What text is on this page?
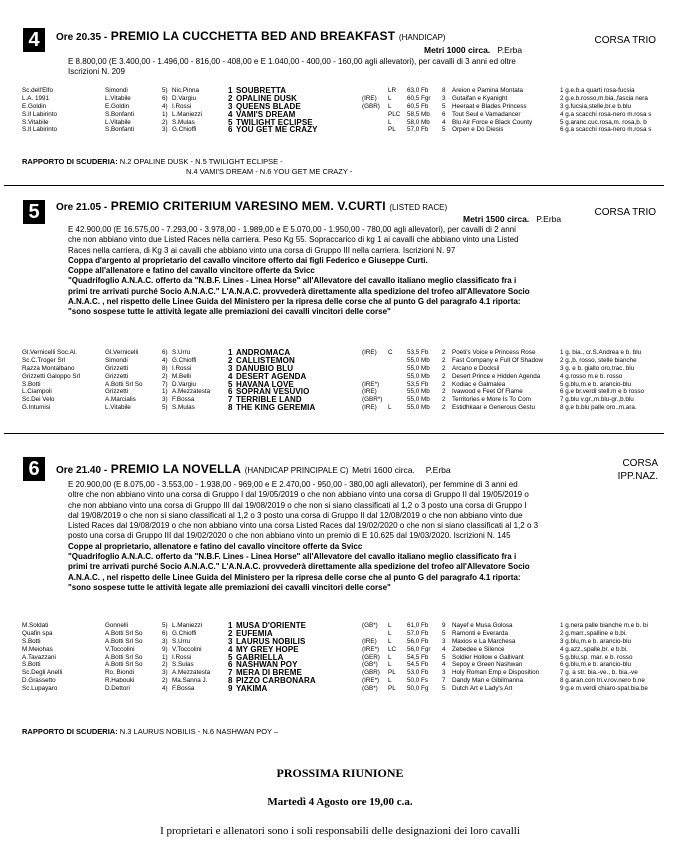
4	Ore 20.35 - PREMIO LA CUCCHETTA BED AND BREAKFAST (HANDICAP)	CORSA TRIO
Metri 1000 circa. P.Erba
E 8.800,00 (E 3.400,00 - 1.496,00 - 816,00 - 408,00 e E 1.040,00 - 400,00 - 160,00 agli allevatori), per cavalli di 3 anni ed oltre
Iscrizioni N. 209
Sc.dell'Elfo	Simondi	5) Nic.Pinna	1 SOUBRETTA	LR 63,0 Fb 8 Areion e Pamina Montata	1 g.e.b.a quarti rosa-fucsia
L.A. 1991	L.Vitabile	6) D.Vargiu	2 OPALINE DUSK	(IRE) L 60,5 Fgr 3 Gutaifan e Kyanight	2 g.e.b.rosso,m.bia.,fascia nera
E.Goldin	E.Goldin	4) I.Rossi	3 QUEENS BLADE	(GBR) L 60,5 Fb 5 Heeraat e Blades Princess	3 g.fucsia,stelle,br.e b.blu
S.Il Labirinto	S.Bonfanti	1) L.Maniezzi	4 VAMI'S DREAM	PLC 58,5 Mb 6 Tout Seul e Vamadancer	4 g.a scacchi rosa-nero m.rosa s
S.Vitabile	L.Vitabile	2) S.Mulas	5 TWILIGHT ECLIPSE	L 58,0 Mb 4 Blu Air Force e Black County	5 g.aranc.cuc.rosa,m. rosa,b. b
S.Il Labirinto	S.Bonfanti	3) G.Chioffi	6 YOU GET ME CRAZY	PL 57,0 Fb 5 Orpen e Do Diesis	6 g.a scacchi rosa-nero m.rosa s
RAPPORTO DI SCUDERIA: N.2 OPALINE DUSK - N.5 TWILIGHT ECLIPSE -
N.4 VAMI'S DREAM - N.6 YOU GET ME CRAZY -
5	Ore 21.05 - PREMIO CRITERIUM VARESINO MEM. V.CURTI (LISTED RACE)	CORSA TRIO
Metri 1500 circa. P.Erba
E 42.900,00 (E 16.575,00 - 7.293,00 - 3.978,00 - 1.989,00 e E 5.070,00 - 1.950,00 - 780,00 agli allevatori), per cavalli di 2 anni
che non abbiano vinto due Listed Races nella carriera. Peso Kg 55. Sopraccarico di kg 1 ai cavalli che abbiano vinto una Listed
Races nella carriera, di Kg 3 ai cavalli che abbiano vinto una corsa di Gruppo III nella carriera. Iscrizioni N. 97
Coppa d'argento al proprietario del cavallo vincitore offerto dai figli Federico e Giuseppe Curti.
Coppe all'allenatore e fatino del cavallo vincitore offerte da Svicc
"Quadrifoglio A.N.A.C. offerto da "N.B.F. Lines - Linea Horse" all'Allevatore del cavallo italiano meglio classificato fra i
primi tre arrivati purché Socio A.N.A.C." L'A.N.A.C. provvederà direttamente alla spedizione del trofeo all'Allevatore Socio
A.N.A.C. , nel rispetto delle Linee Guida del Ministero per la ripresa delle corse che al punto G del paragrafo 4.1 riporta:
"sono sospese tutte le attività legate alle premiazioni dei cavalli vincitori delle corse"
Gl.Vernicelli Soc.Al.	Gl.Vernicelli	6) S.Urru	1 ANDROMACA	(IRE) C 53,5 Fb 2 Poeti's Voice e Princess Rose	1 g. bia., cr.S.Andrea e b. blu
Sc.C.Troger Srl	Simondi	4) G.Chioffi	2 CALLISTEMON	55,0 Mb 2 Fast Company e Full Of Shadow	2 g.,b. rosso, stelle bianche
Razza Montalbano	Grizzetti	8) I.Rossi	3 DANUBIO BLU	55,0 Mb 2 Arcano e Docksil	3 g. e b. giallo oro,trac. blu
Grizzetti Galoppo Srl	Grizzetti	2) M.Belli	4 DESERT AGENDA	55,0 Mb 2 Desert Prince e Hidden Agenda	4 g.rosso m.e b. rosso
S.Botti	A.Botti Srl So	7) D.Vargiu	5 HAVANA LOVE	(IRE*)	53,5 Fb 2 Kodiac e Galmalea	5 g.blu,m.e b. arancio-blu
L.Ciampoli	Grizzetti	1) A.Mezzatesta 6 SOPRAN VESUVIO	(IRE)	55,0 Mb 2 Ivawood e Feet Of Flame	6 g.e br.verdi stell.m e b rosso
Sc.Dei Velo	A.Marcialis	3) F.Bossa	7 TERRIBLE LAND	(GBR*)	55,0 Mb 2 Territories e More Is To Com	7 g.blu v.gr.,m.blu-gr.,b.blu
G.Intumisi	L.Vitabile	5) S.Mulas	8 THE KING GEREMIA	(IRE) L 55,0 Mb 2 Estidhkaar e Generous Gestu	8 g.e b.blu palle oro.,m.ara.
6	Ore 21.40 - PREMIO LA NOVELLA (HANDICAP PRINCIPALE C) Metri 1600 circa. P.Erba
CORSA
IPP.NAZ.
E 20.900,00 (E 8.075,00 - 3.553,00 - 1.938,00 - 969,00 e E 2.470,00 - 950,00 - 380,00 agli allevatori), per femmine di 3 anni ed
oltre che non abbiano vinto una corsa di Gruppo I dal 19/05/2019 o che non abbiano vinto una corsa di Gruppo II dal 19/05/2019 o
che non abbiano vinto una corsa di Gruppo III dal 19/08/2019 o che non si siano classificati al 1,2 o 3 posto una corsa di Gruppo I
dal 19/08/2019 o che non si siano classificati al 1,2 o 3 posto una corsa di Gruppo II dal 12/08/2019 o che non abbiano vinto due
Listed Races dal 19/08/2019 o che non abbiano vinto una corsa Listed Races dal 19/02/2020 o che non si siano classificati al 1,2 o 3
posto una corsa di Gruppo III dal 19/02/2020 o che non abbiano vinto un premio di E 10.625 dal 19/03/2020. Iscrizioni N. 145
Coppe al proprietario, allenatore e fatino del cavallo vincitore offerte da Svicc
"Quadrifoglio A.N.A.C. offerto da "N.B.F. Lines - Linea Horse" all'Allevatore del cavallo italiano meglio classificato fra i
primi tre arrivati purché Socio A.N.A.C." L'A.N.A.C. provvederà direttamente alla spedizione del trofeo all'Allevatore Socio
A.N.A.C. , nel rispetto delle Linee Guida del Ministero per la ripresa delle corse che al punto G del paragrafo 4.1 riporta:
"sono sospese tutte le attività legate alle premiazioni dei cavalli vincitori delle corse"
M.Soldati	Gonnelli	5) L.Maniezzi	1 MUSA D'ORIENTE	(GB*) L 61,0 Fb 9 Nayef e Musa Golosa	1 g.nera palle bianche m.e b. bi
Quafin spa	A.Botti Srl So	6) G.Chioffi	2 EUFEMIA	L 57,0 Fb 5 Ramonti e Everarda	2 g.marr.,spalline e b.bi.
S.Botti	A.Botti Srl So	3) S.Urru	3 LAURUS NOBILIS	(IRE) L 56,0 Fb 3 Maxios e La Marchesa	3 g.blu,m.e b. arancio-blu
M.Meiohas	V.Toccolini	9) V.Toccolini	4 MY GREY HOPE	(IRE*) LC 56,0 Fgr 4 Zebedee e Silence	4 g.azz.,spalle,br. e b.bi.
A.Tavazzani	A.Botti Srl So	1) I.Rossi	5 GABRIELLA	(GER) L 54,5 Fb 5 Soldier Hollow e Gallivant	5 g.blu,sp. mar. e b. rosso
S.Botti	A.Botti Srl So	2) S.Sulas	6 NASHWAN POY	(GB*) L 54,5 Fb 4 Sepoy e Green Nashwan	6 g.blu,m.e b. arancio-blu
Sc.Degli Anelli	Ro. Biondi	3) A.Mezzatesta 7 MERA DI BREME	(GBR) PL 53,0 Fb 3 Holy Roman Emp e Disposition	7 g. a str. bia.-ve., b. bia.-ve
D.Grassetto	R.Habouki	2) Ma.Sanna J.	8 PIZZO CARBONARA	(IRE*) L 50,0 Fs 7 Dandy Man e Gibilmanna	8 g.aran.con tri.v.rov.nero b.ne
Sc.Lupayaro	D.Dettori	4) F.Bossa	9 YAKIMA	(GB*) PL 50,0 Fg 5 Dutch Art e Lady's Art	9 g.e m.verdi chiaro-spal.bia.be
RAPPORTO DI SCUDERIA: N.3 LAURUS NOBILIS - N.6 NASHWAN POY –
PROSSIMA RIUNIONE
Martedì 4 Agosto ore 19,00 c.a.
I proprietari e allenatori sono i soli responsabili delle designazioni dei loro cavalli
